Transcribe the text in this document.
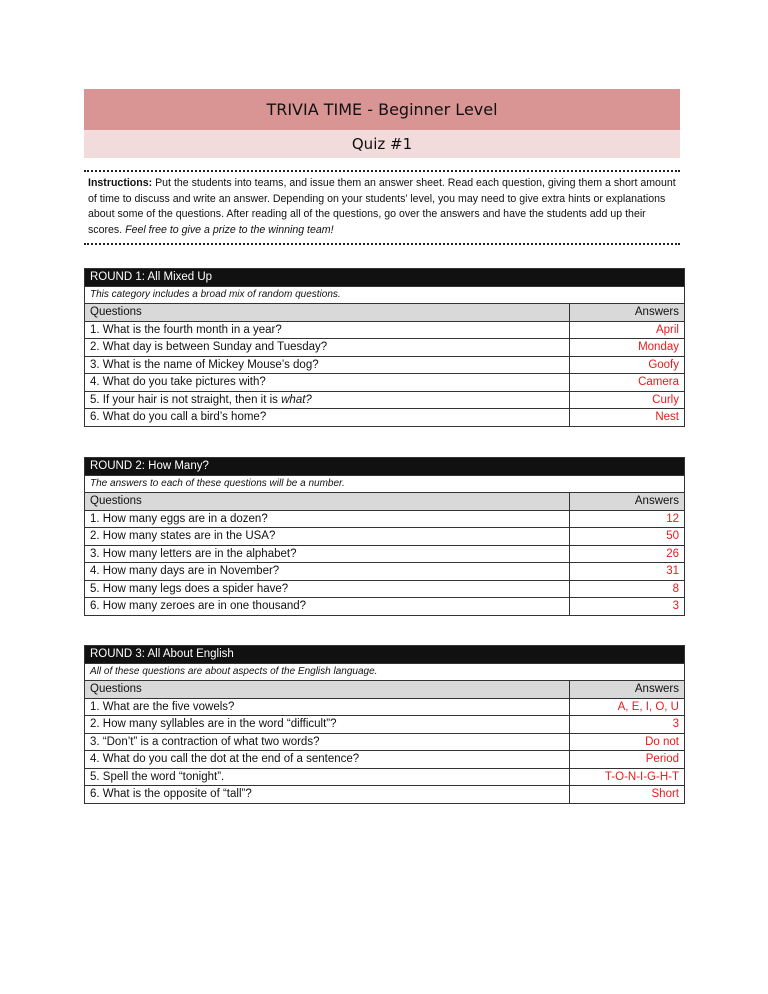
TRIVIA TIME - Beginner Level
Quiz #1
Instructions: Put the students into teams, and issue them an answer sheet. Read each question, giving them a short amount of time to discuss and write an answer. Depending on your students’ level, you may need to give extra hints or explanations about some of the questions. After reading all of the questions, go over the answers and have the students add up their scores. Feel free to give a prize to the winning team!
ROUND 1: All Mixed Up	
This category includes a broad mix of random questions.	
Questions	Answers
1. What is the fourth month in a year?	April
2. What day is between Sunday and Tuesday?	Monday
3. What is the name of Mickey Mouse’s dog?	Goofy
4. What do you take pictures with?	Camera
5. If your hair is not straight, then it is what?	Curly
6. What do you call a bird’s home?	Nest
ROUND 2: How Many?	
The answers to each of these questions will be a number.	
Questions	Answers
1. How many eggs are in a dozen?	12
2. How many states are in the USA?	50
3. How many letters are in the alphabet?	26
4. How many days are in November?	31
5. How many legs does a spider have?	8
6. How many zeroes are in one thousand?	3
ROUND 3: All About English	
All of these questions are about aspects of the English language.	
Questions	Answers
1. What are the five vowels?	A, E, I, O, U
2. How many syllables are in the word “difficult”?	3
3. “Don’t” is a contraction of what two words?	Do not
4. What do you call the dot at the end of a sentence?	Period
5. Spell the word “tonight”.	T-O-N-I-G-H-T
6. What is the opposite of “tall”?	Short
